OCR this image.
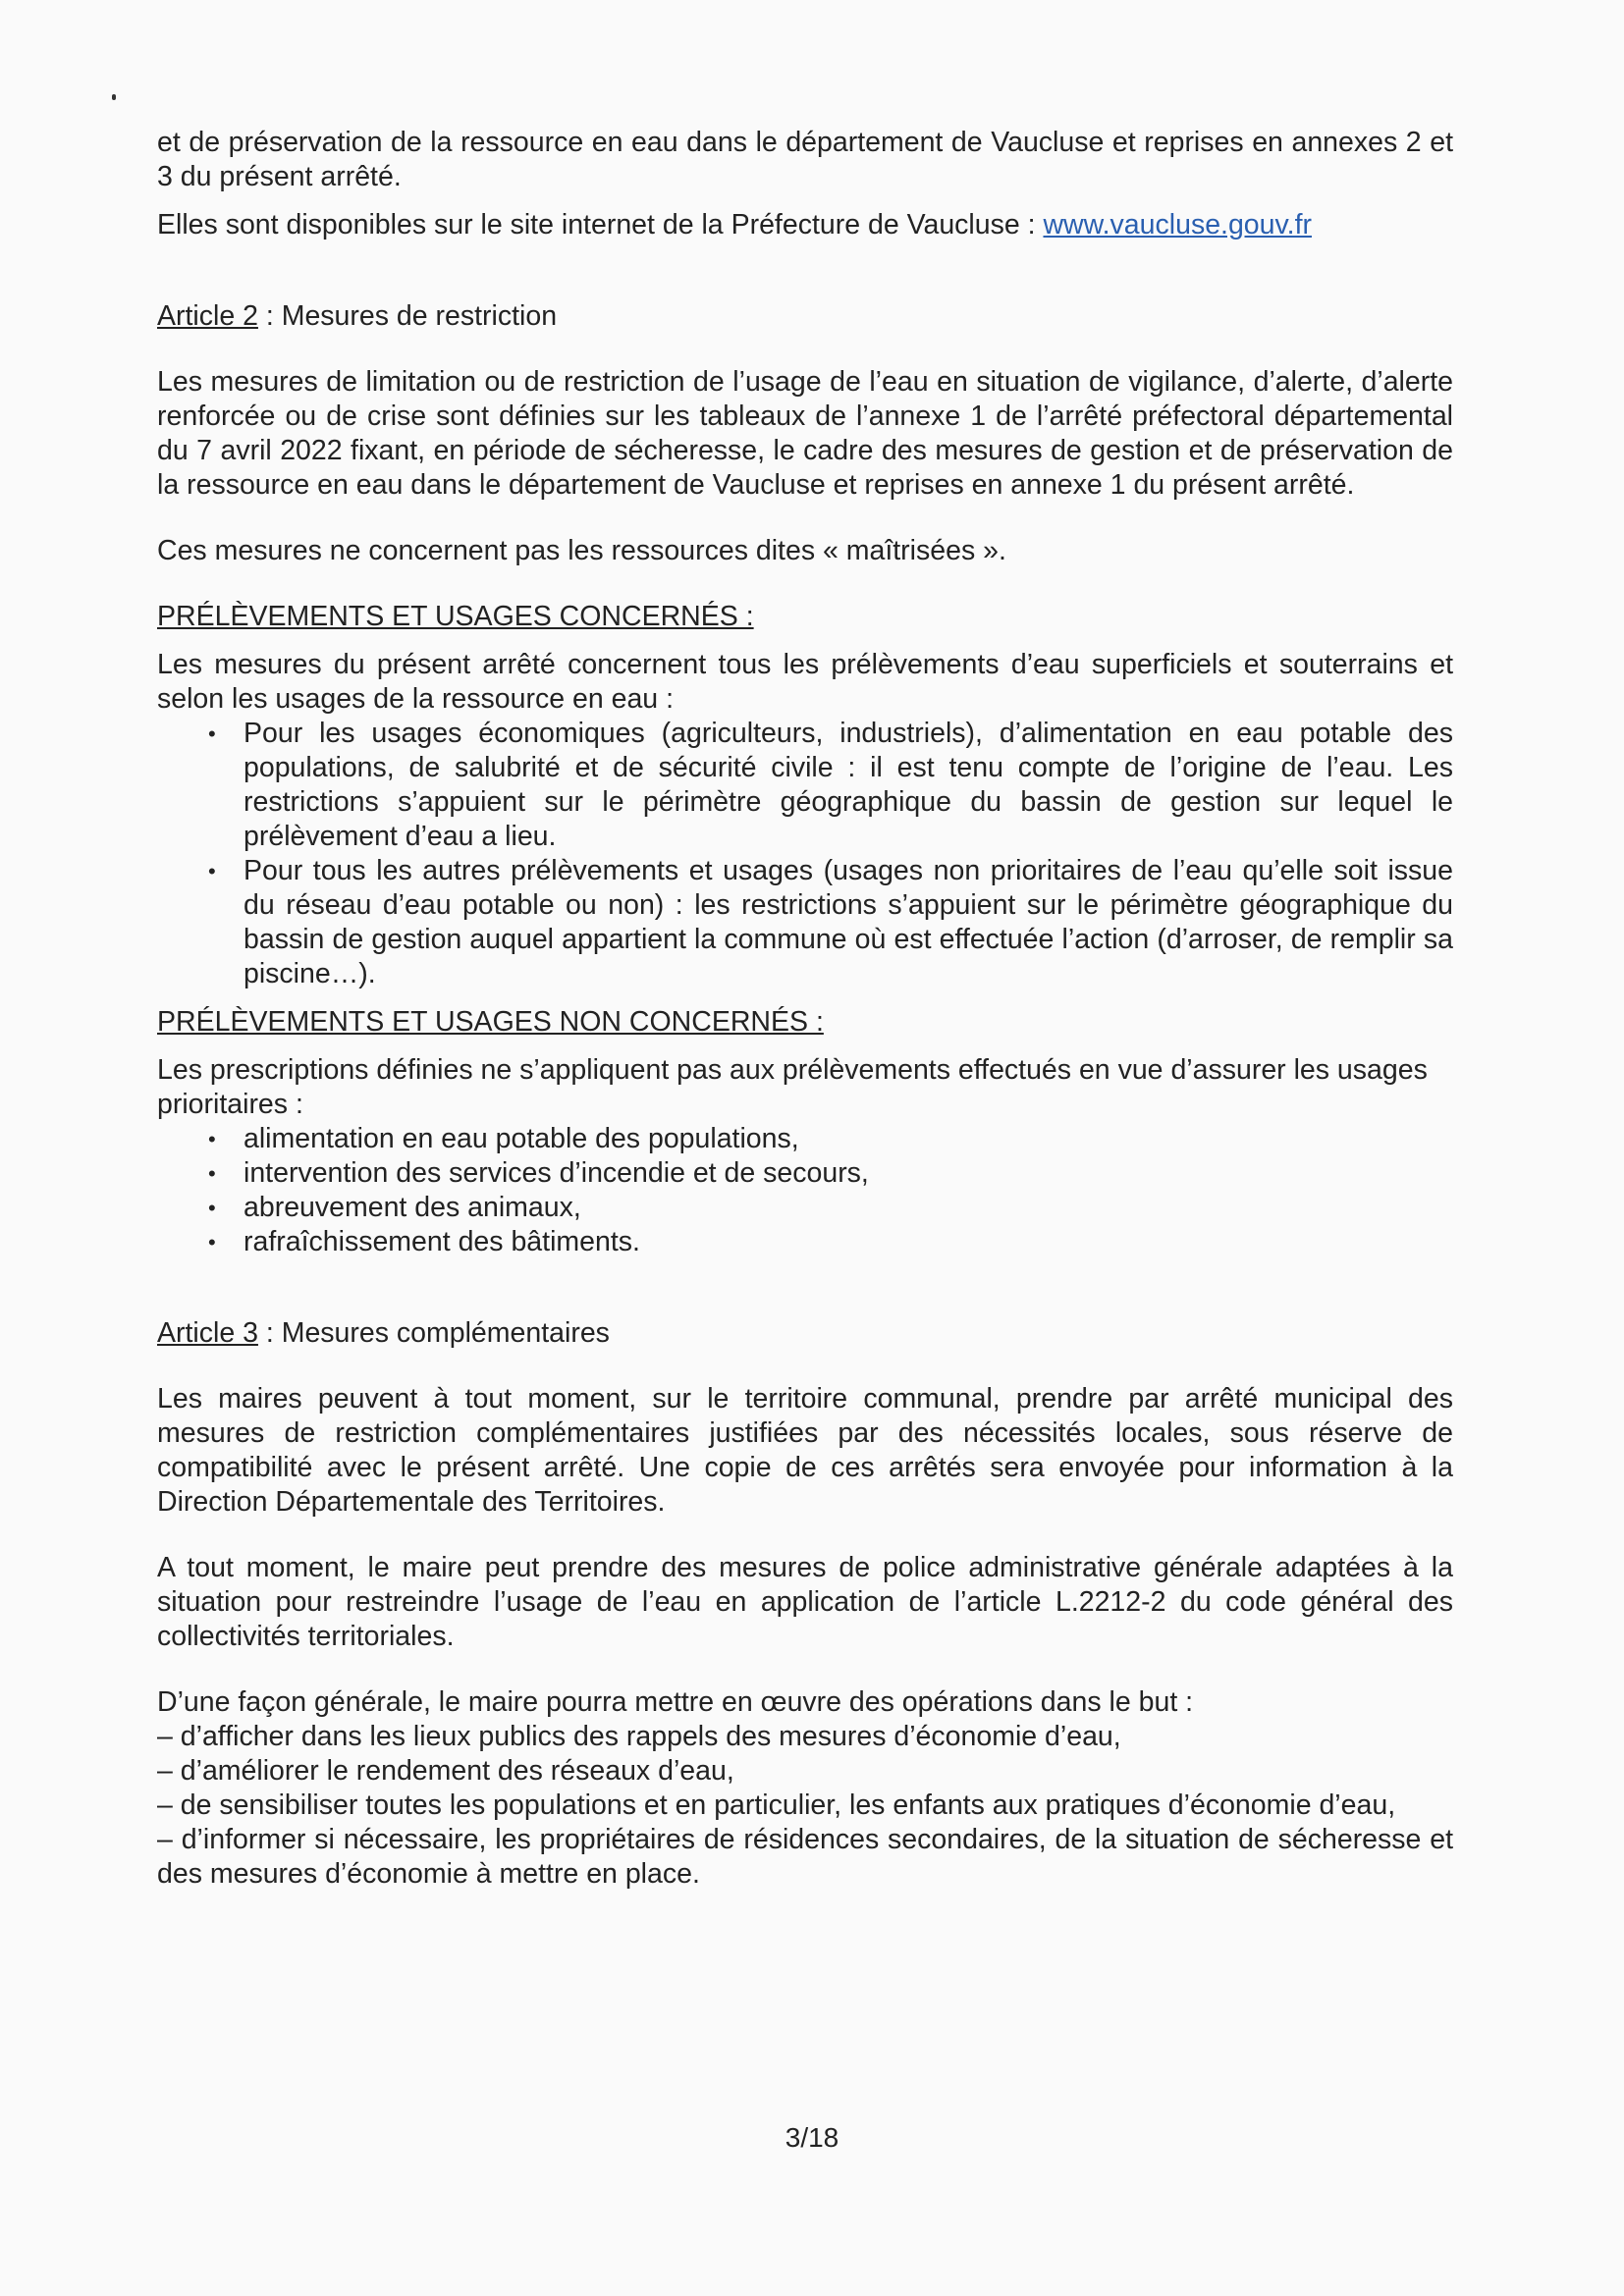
et de préservation de la ressource en eau dans le département de Vaucluse et reprises en annexes 2 et 3 du présent arrêté.

Elles sont disponibles sur le site internet de la Préfecture de Vaucluse : www.vaucluse.gouv.fr

Article 2 : Mesures de restriction

Les mesures de limitation ou de restriction de l’usage de l’eau en situation de vigilance, d’alerte, d’alerte renforcée ou de crise sont définies sur les tableaux de l’annexe 1 de l’arrêté préfectoral départemental du 7 avril 2022 fixant, en période de sécheresse, le cadre des mesures de gestion et de préservation de la ressource en eau dans le département de Vaucluse et reprises en annexe 1 du présent arrêté.

Ces mesures ne concernent pas les ressources dites « maîtrisées ».

PRÉLÈVEMENTS ET USAGES CONCERNÉS :

Les mesures du présent arrêté concernent tous les prélèvements d’eau superficiels et souterrains et selon les usages de la ressource en eau :

• Pour les usages économiques (agriculteurs, industriels), d’alimentation en eau potable des populations, de salubrité et de sécurité civile : il est tenu compte de l’origine de l’eau. Les restrictions s’appuient sur le périmètre géographique du bassin de gestion sur lequel le prélèvement d’eau a lieu.
• Pour tous les autres prélèvements et usages (usages non prioritaires de l’eau qu’elle soit issue du réseau d’eau potable ou non) : les restrictions s’appuient sur le périmètre géographique du bassin de gestion auquel appartient la commune où est effectuée l’action (d’arroser, de remplir sa piscine…).

PRÉLÈVEMENTS ET USAGES NON CONCERNÉS :

Les prescriptions définies ne s’appliquent pas aux prélèvements effectués en vue d’assurer les usages prioritaires :

• alimentation en eau potable des populations,
• intervention des services d’incendie et de secours,
• abreuvement des animaux,
• rafraîchissement des bâtiments.

Article 3 : Mesures complémentaires

Les maires peuvent à tout moment, sur le territoire communal, prendre par arrêté municipal des mesures de restriction complémentaires justifiées par des nécessités locales, sous réserve de compatibilité avec le présent arrêté. Une copie de ces arrêtés sera envoyée pour information à la Direction Départementale des Territoires.

A tout moment, le maire peut prendre des mesures de police administrative générale adaptées à la situation pour restreindre l’usage de l’eau en application de l’article L.2212-2 du code général des collectivités territoriales.

D’une façon générale, le maire pourra mettre en œuvre des opérations dans le but :

– d’afficher dans les lieux publics des rappels des mesures d’économie d’eau,

– d’améliorer le rendement des réseaux d’eau,

– de sensibiliser toutes les populations et en particulier, les enfants aux pratiques d’économie d’eau,

– d’informer si nécessaire, les propriétaires de résidences secondaires, de la situation de sécheresse et des mesures d’économie à mettre en place.

3/18
